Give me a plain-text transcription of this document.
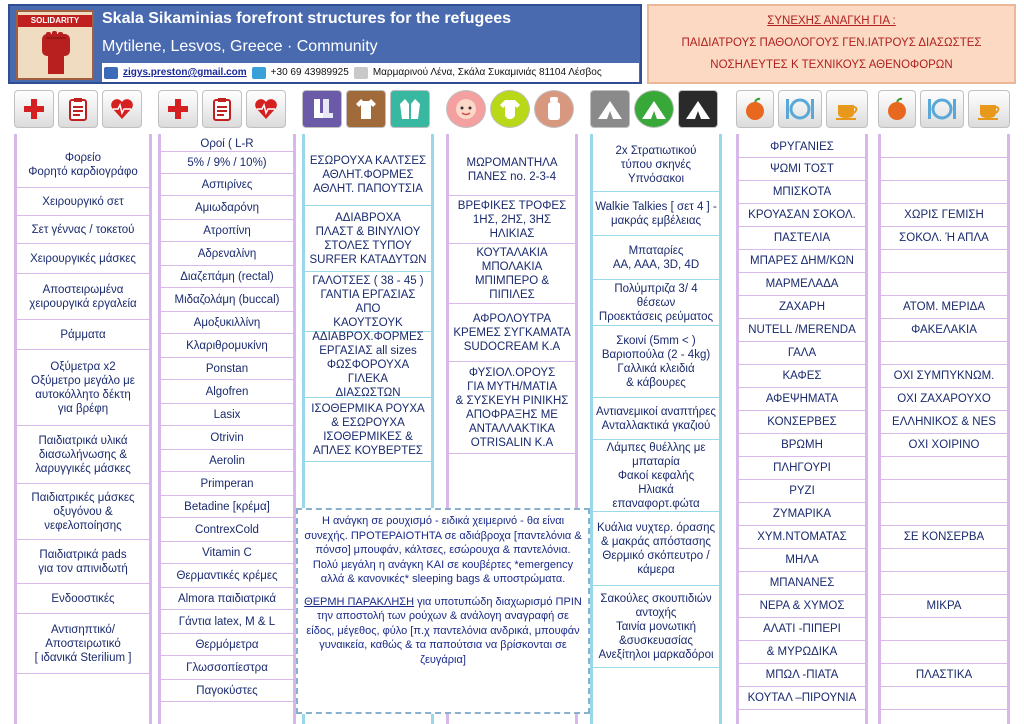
SOLIDARITY	Skala Sikaminias forefront structures for the refugees
Mytilene, Lesvos, Greece · Community
zigys.preston@gmail.com +30 69 43989925 Μαρμαρινού Λένα, Σκάλα Συκαμινιάς 81104 Λέσβος
ΣΥΝΕΧΗΣ ΑΝΑΓΚΗ ΓΙΑ :
ΠΑΙΔΙΑΤΡΟΥΣ ΠΑΘΟΛΟΓΟΥΣ ΓΕΝ.ΙΑΤΡΟΥΣ ΔΙΑΣΩΣΤΕΣ
ΝΟΣΗΛΕΥΤΕΣ Κ ΤΕΧΝΙΚΟΥΣ ΑΘΕΝΟΦΟΡΩΝ
Φορείο
Φορητό καρδιογράφο
Χειρουργικό σετ
Σετ γέννας / τοκετού
Χειρουργικές μάσκες
Αποστειρωμένα
χειρουργικά εργαλεία
Ράμματα
Οξύμετρα x2
Οξύμετρο μεγάλο με
αυτοκόλλητο δέκτη
για βρέφη
Παιδιατρικά υλικά
διασωλήνωσης &
λαρυγγικές μάσκες
Παιδιατρικές μάσκες
οξυγόνου &
νεφελοποίησης
Παιδιατρικά pads
για τον απινιδωτή
Ενδοοστικές
Αντισηπτικό/
Αποστειρωτικό
[ ιδανικά Sterilium ]
Οροί ( L-R
5% / 9% / 10%)
Ασπιρίνες
Αμιωδαρόνη
Ατροπίνη
Αδρεναλίνη
Διαζεπάμη (rectal)
Μιδαζολάμη (buccal)
Αμοξυκιλλίνη
Κλαριθρομυκίνη
Ponstan
Algofren
Lasix
Otrivin
Aerolin
Primperan
Betadine [κρέμα]
ContrexCold
Vitamin C
Θερμαντικές κρέμες
Almora παιδιατρικά
Γάντια latex, M & L
Θερμόμετρα
Γλωσσοπίεστρα
Παγοκύστες
ΕΣΩΡΟΥΧΑ ΚΑΛΤΣΕΣ
ΑΘΛΗΤ.ΦΟΡΜΕΣ
ΑΘΛΗΤ. ΠΑΠΟΥΤΣΙΑ
ΑΔΙΑΒΡΟΧΑ
ΠΛΑΣΤ & ΒΙΝΥΛΙΟΥ
ΣΤΟΛΕΣ ΤΥΠΟΥ
SURFER ΚΑΤΑΔΥΤΩΝ
ΓΑΛΟΤΣΕΣ ( 38 - 45 )
ΓΑΝΤΙΑ ΕΡΓΑΣΙΑΣ ΑΠΟ
ΚΑΟΥΤΣΟΥΚ
ΑΔΙΑΒΡΟΧ.ΦΟΡΜΕΣ
ΕΡΓΑΣΙΑΣ all sizes
ΦΩΣΦΟΡΟΥΧΑ ΓΙΛΕΚΑ
ΔΙΑΣΩΣΤΩΝ
ΙΣΟΘΕΡΜΙΚΑ ΡΟΥΧΑ
& ΕΣΩΡΟΥΧΑ
ΙΣΟΘΕΡΜΙΚΕΣ &
ΑΠΛΕΣ ΚΟΥΒΕΡΤΕΣ
ΜΩΡΟΜΑΝΤΗΛΑ
ΠΑΝΕΣ no. 2-3-4
ΒΡΕΦΙΚΕΣ ΤΡΟΦΕΣ
1ΗΣ, 2ΗΣ, 3ΗΣ ΗΛΙΚΙΑΣ
ΚΟΥΤΑΛΑΚΙΑ
ΜΠΟΛΑΚΙΑ
ΜΠΙΜΠΕΡΟ & ΠΙΠΙΛΕΣ
ΑΦΡΟΛΟΥΤΡΑ
ΚΡΕΜΕΣ ΣΥΓΚΑΜΑΤΑ
SUDOCREAM Κ.Α
ΦΥΣΙΟΛ.ΟΡΟΥΣ
ΓΙΑ ΜΥΤΗ/ΜΑΤΙΑ
& ΣΥΣΚΕΥΗ ΡΙΝΙΚΗΣ
ΑΠΟΦΡΑΞΗΣ ΜΕ
ΑΝΤΑΛΛΑΚΤΙΚΑ
OTRISALIN Κ.Α
2x Στρατιωτικού
τύπου σκηνές
Υπνόσακοι
Walkie Talkies [ σετ 4 ] -
μακράς εμβέλειας
Μπαταρίες
AA, AAA, 3D, 4D
Πολύμπριζα 3/ 4 θέσεων
Προεκτάσεις ρεύματος
Σκοινί (5mm < )
Βαριοπούλα (2 - 4kg)
Γαλλικά κλειδιά
& κάβουρες
Αντιανεμικοί αναπτήρες
Ανταλλακτικά γκαζιού
Λάμπες θυέλλης με
μπαταρία
Φακοί κεφαλής
Ηλιακά επαναφορτ.φώτα
Κυάλια νυχτερ. όρασης
& μακράς απόστασης
Θερμικό σκόπευτρο /
κάμερα
Σακούλες σκουπιδιών
αντοχής
Ταινία μονωτική
&συσκευασίας
Ανεξίτηλοι μαρκαδόροι
ΦΡΥΓΑΝΙΕΣ
ΨΩΜΙ ΤΟΣΤ
ΜΠΙΣΚΟΤΑ
ΚΡΟΥΑΣΑΝ ΣΟΚΟΛ.
ΠΑΣΤΕΛΙΑ
ΜΠΑΡΕΣ ΔΗΜ/ΚΩΝ
ΜΑΡΜΕΛΑΔΑ
ΖΑΧΑΡΗ
NUTELL /MERENDA
ΓΑΛΑ
ΚΑΦΕΣ
ΑΦΕΨΗΜΑΤΑ
ΚΟΝΣΕΡΒΕΣ
ΒΡΩΜΗ
ΠΛΗΓΟΥΡΙ
ΡΥΖΙ
ΖΥΜΑΡΙΚΑ
ΧΥΜ.ΝΤΟΜΑΤΑΣ
ΜΗΛΑ
ΜΠΑΝΑΝΕΣ
ΝΕΡΑ & ΧΥΜΟΣ
ΑΛΑΤΙ -ΠΙΠΕΡΙ
& ΜΥΡΩΔΙΚΑ
ΜΠΩΛ -ΠΙΑΤΑ
ΚΟΥΤΑΛ –ΠΙΡΟΥΝΙΑ
ΧΩΡΙΣ ΓΕΜΙΣΗ
ΣΟΚΟΛ. Ή ΑΠΛΑ
ΑΤΟΜ. ΜΕΡΙΔΑ
ΦΑΚΕΛΑΚΙΑ
ΟΧΙ ΣΥΜΠΥΚΝΩΜ.
ΟΧΙ ΖΑΧΑΡΟΥΧΟ
ΕΛΛΗΝΙΚΟΣ & NES
ΟΧΙ ΧΟΙΡΙΝΟ
ΣΕ ΚΟΝΣΕΡΒΑ
ΜΙΚΡΑ
ΠΛΑΣΤΙΚΑ

Η ανάγκη σε ρουχισμό - ειδικά χειμερινό - θα είναι συνεχής. ΠΡΟΤΕΡΑΙΟΤΗΤΑ σε αδιάβροχα [παντελόνια & πόνσο] μπουφάν, κάλτσες, εσώρουχα & παντελόνια. Πολύ μεγάλη η ανάγκη ΚΑΙ σε κουβέρτες *emergency αλλά & κανονικές* sleeping bags & υποστρώματα.

ΘΕΡΜΗ ΠΑΡΑΚΛΗΣΗ για υποτυπώδη διαχωρισμό ΠΡΙΝ την αποστολή των ρούχων & ανάλογη αναγραφή σε είδος, μέγεθος, φύλο [π.χ παντελόνια ανδρικά, μπουφάν γυναικεία, καθώς & τα παπούτσια να βρίσκονται σε ζευγάρια]
